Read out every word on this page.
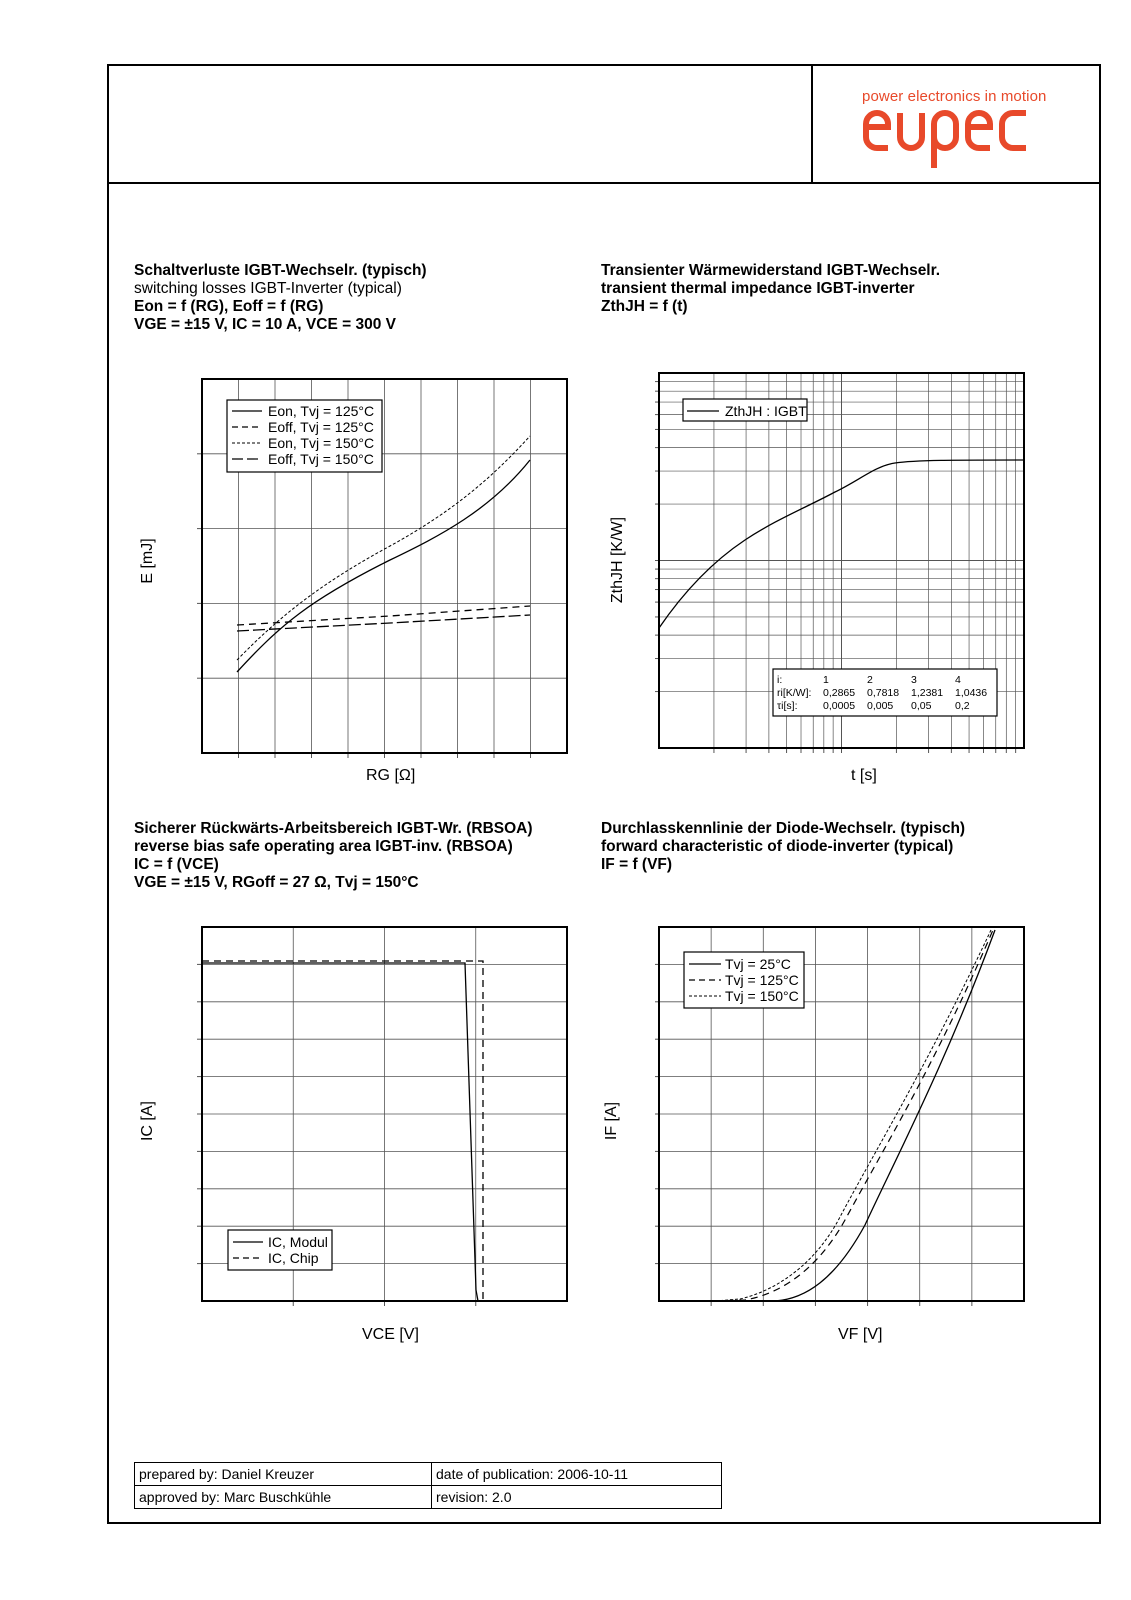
power electronics in motion
Schaltverluste IGBT-Wechselr. (typisch)
switching losses IGBT-Inverter (typical)
Eon = f (RG), Eoff = f (RG)
VGE = ±15 V, IC = 10 A, VCE = 300 V
Transienter Wärmewiderstand IGBT-Wechselr.
transient thermal impedance IGBT-inverter
ZthJH = f (t)
Sicherer Rückwärts-Arbeitsbereich IGBT-Wr. (RBSOA)
reverse bias safe operating area IGBT-inv. (RBSOA)
IC = f (VCE)
VGE = ±15 V, RGoff = 27 Ω, Tvj = 150°C
Durchlasskennlinie der Diode-Wechselr. (typisch)
forward characteristic of diode-inverter (typical)
IF = f (VF)
Eon, Tvj = 125°C
Eoff, Tvj = 125°C
Eon, Tvj = 150°C
Eoff, Tvj = 150°C
RG [Ω]
E [mJ]
ZthJH : IGBT
i:	1	2	3	4
ri[K/W]: 0,2865 0,7818 1,2381 1,0436
τi[s]: 0,0005 0,005 0,05 0,2
t [s]
ZthJH [K/W]
IC, Modul
IC, Chip
VCE [V]
IC [A]
Tvj = 25°C
Tvj = 125°C
Tvj = 150°C
VF [V]
IF [A]
prepared by: Daniel Kreuzer	date of publication: 2006-10-11
approved by: Marc Buschkühle	revision: 2.0
